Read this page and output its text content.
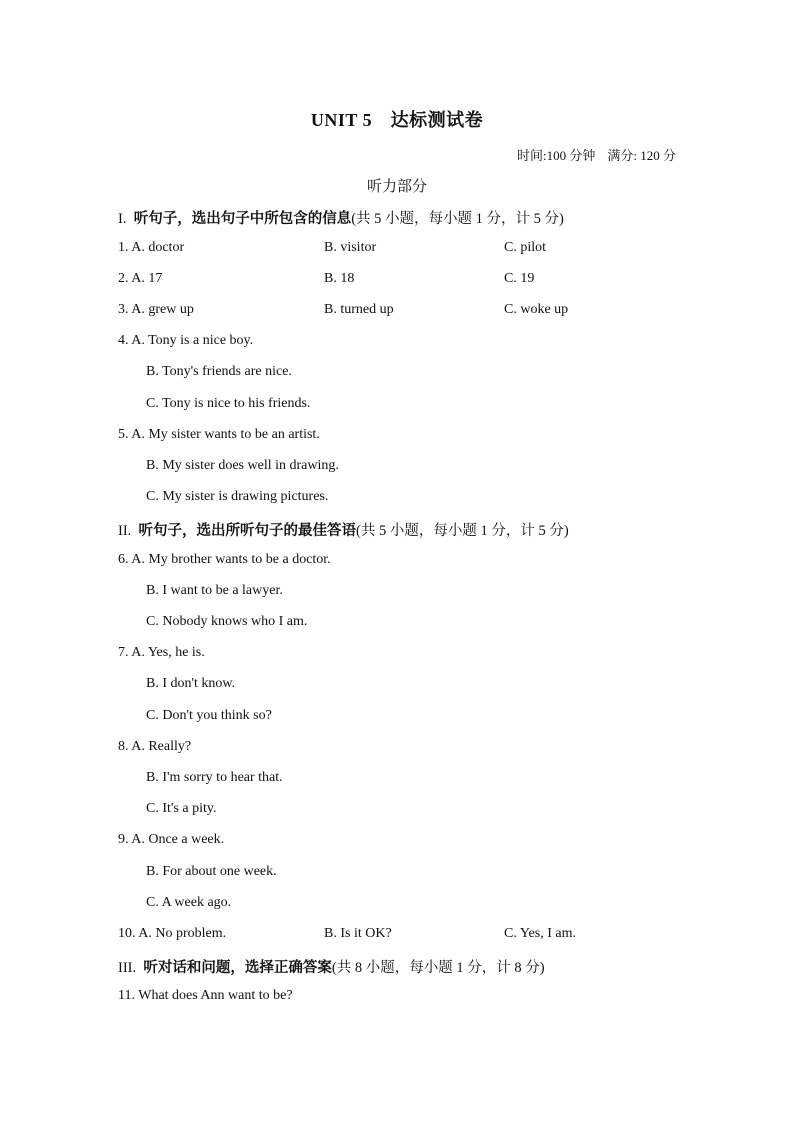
UNIT 5　达标测试卷
时间:100 分钟 满分: 120 分
听力部分
I. 听句子，选出句子中所包含的信息(共 5 小题，每小题 1 分，计 5 分)
1. A. doctor	B. visitor	C. pilot
2. A. 17	B. 18	C. 19
3. A. grew up	B. turned up	C. woke up
4. A. Tony is a nice boy.
B. Tony's friends are nice.
C. Tony is nice to his friends.
5. A. My sister wants to be an artist.
B. My sister does well in drawing.
C. My sister is drawing pictures.
II. 听句子，选出所听句子的最佳答语(共 5 小题，每小题 1 分，计 5 分)
6. A. My brother wants to be a doctor.
B. I want to be a lawyer.
C. Nobody knows who I am.
7. A. Yes, he is.
B. I don't know.
C. Don't you think so?
8. A. Really?
B. I'm sorry to hear that.
C. It's a pity.
9. A. Once a week.
B. For about one week.
C. A week ago.
10. A. No problem.	B. Is it OK?	C. Yes, I am.
III. 听对话和问题，选择正确答案(共 8 小题，每小题 1 分，计 8 分)
11. What does Ann want to be?
